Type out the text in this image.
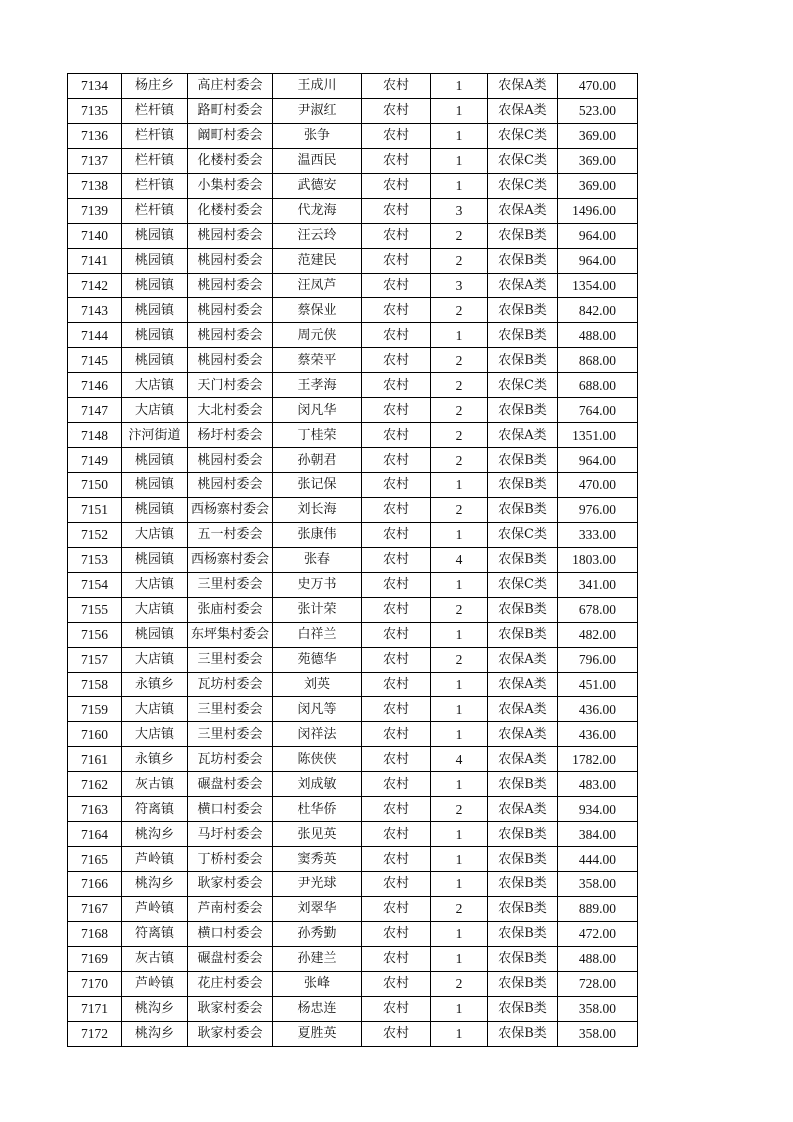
7134	杨庄乡	高庄村委会	王成川	农村	1	农保A类	470.00
7135	栏杆镇	路町村委会	尹淑红	农村	1	农保A类	523.00
7136	栏杆镇	阚町村委会	张争	农村	1	农保C类	369.00
7137	栏杆镇	化楼村委会	温西民	农村	1	农保C类	369.00
7138	栏杆镇	小集村委会	武德安	农村	1	农保C类	369.00
7139	栏杆镇	化楼村委会	代龙海	农村	3	农保A类	1496.00
7140	桃园镇	桃园村委会	汪云玲	农村	2	农保B类	964.00
7141	桃园镇	桃园村委会	范建民	农村	2	农保B类	964.00
7142	桃园镇	桃园村委会	汪凤芦	农村	3	农保A类	1354.00
7143	桃园镇	桃园村委会	蔡保业	农村	2	农保B类	842.00
7144	桃园镇	桃园村委会	周元侠	农村	1	农保B类	488.00
7145	桃园镇	桃园村委会	蔡荣平	农村	2	农保B类	868.00
7146	大店镇	天门村委会	王孝海	农村	2	农保C类	688.00
7147	大店镇	大北村委会	闵凡华	农村	2	农保B类	764.00
7148	汴河街道	杨圩村委会	丁桂荣	农村	2	农保A类	1351.00
7149	桃园镇	桃园村委会	孙朝君	农村	2	农保B类	964.00
7150	桃园镇	桃园村委会	张记保	农村	1	农保B类	470.00
7151	桃园镇	西杨寨村委会	刘长海	农村	2	农保B类	976.00
7152	大店镇	五一村委会	张康伟	农村	1	农保C类	333.00
7153	桃园镇	西杨寨村委会	张春	农村	4	农保B类	1803.00
7154	大店镇	三里村委会	史万书	农村	1	农保C类	341.00
7155	大店镇	张庙村委会	张计荣	农村	2	农保B类	678.00
7156	桃园镇	东坪集村委会	白祥兰	农村	1	农保B类	482.00
7157	大店镇	三里村委会	苑德华	农村	2	农保A类	796.00
7158	永镇乡	瓦坊村委会	刘英	农村	1	农保A类	451.00
7159	大店镇	三里村委会	闵凡等	农村	1	农保A类	436.00
7160	大店镇	三里村委会	闵祥法	农村	1	农保A类	436.00
7161	永镇乡	瓦坊村委会	陈侠侠	农村	4	农保A类	1782.00
7162	灰古镇	碾盘村委会	刘成敏	农村	1	农保B类	483.00
7163	符离镇	横口村委会	杜华侨	农村	2	农保A类	934.00
7164	桃沟乡	马圩村委会	张见英	农村	1	农保B类	384.00
7165	芦岭镇	丁桥村委会	窦秀英	农村	1	农保B类	444.00
7166	桃沟乡	耿家村委会	尹光球	农村	1	农保B类	358.00
7167	芦岭镇	芦南村委会	刘翠华	农村	2	农保B类	889.00
7168	符离镇	横口村委会	孙秀勤	农村	1	农保B类	472.00
7169	灰古镇	碾盘村委会	孙建兰	农村	1	农保B类	488.00
7170	芦岭镇	花庄村委会	张峰	农村	2	农保B类	728.00
7171	桃沟乡	耿家村委会	杨忠连	农村	1	农保B类	358.00
7172	桃沟乡	耿家村委会	夏胜英	农村	1	农保B类	358.00
